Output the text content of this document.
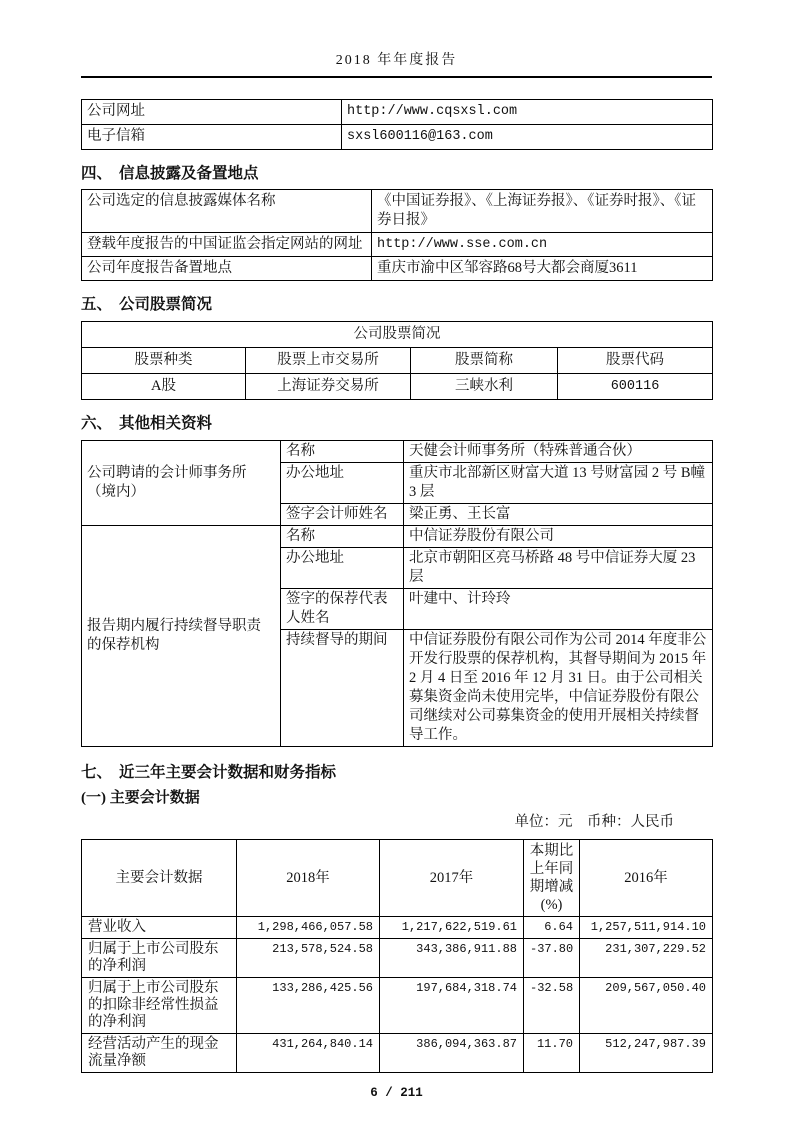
2018 年年度报告
公司网址	http://www.cqsxsl.com
电子信箱	sxsl600116@163.com
四、 信息披露及备置地点
公司选定的信息披露媒体名称	《中国证券报》、《上海证券报》、《证券时报》、《证券日报》
登载年度报告的中国证监会指定网站的网址	http://www.sse.com.cn
公司年度报告备置地点	重庆市渝中区邹容路68号大都会商厦3611
五、 公司股票简况
公司股票简况			
股票种类	股票上市交易所	股票简称	股票代码
A股	上海证券交易所	三峡水利	600116
六、 其他相关资料
公司聘请的会计师事务所（境内）	名称	天健会计师事务所（特殊普通合伙）
	办公地址	重庆市北部新区财富大道 13 号财富园 2 号 B幢 3 层
	签字会计师姓名	梁正勇、王长富
报告期内履行持续督导职责的保荐机构	名称	中信证券股份有限公司
	办公地址	北京市朝阳区亮马桥路 48 号中信证券大厦 23 层
	签字的保荐代表人姓名	叶建中、计玲玲
	持续督导的期间	中信证券股份有限公司作为公司 2014 年度非公开发行股票的保荐机构，其督导期间为 2015 年 2 月 4 日至 2016 年 12 月 31 日。由于公司相关募集资金尚未使用完毕，中信证券股份有限公司继续对公司募集资金的使用开展相关持续督导工作。
七、 近三年主要会计数据和财务指标
(一) 主要会计数据
单位：元　币种：人民币
主要会计数据	2018年	2017年	本期比上年同期增减(%)	2016年
营业收入	1,298,466,057.58	1,217,622,519.61	6.64	1,257,511,914.10
归属于上市公司股东的净利润	213,578,524.58	343,386,911.88	-37.80	231,307,229.52
归属于上市公司股东的扣除非经常性损益的净利润	133,286,425.56	197,684,318.74	-32.58	209,567,050.40
经营活动产生的现金流量净额	431,264,840.14	386,094,363.87	11.70	512,247,987.39
6 / 211
